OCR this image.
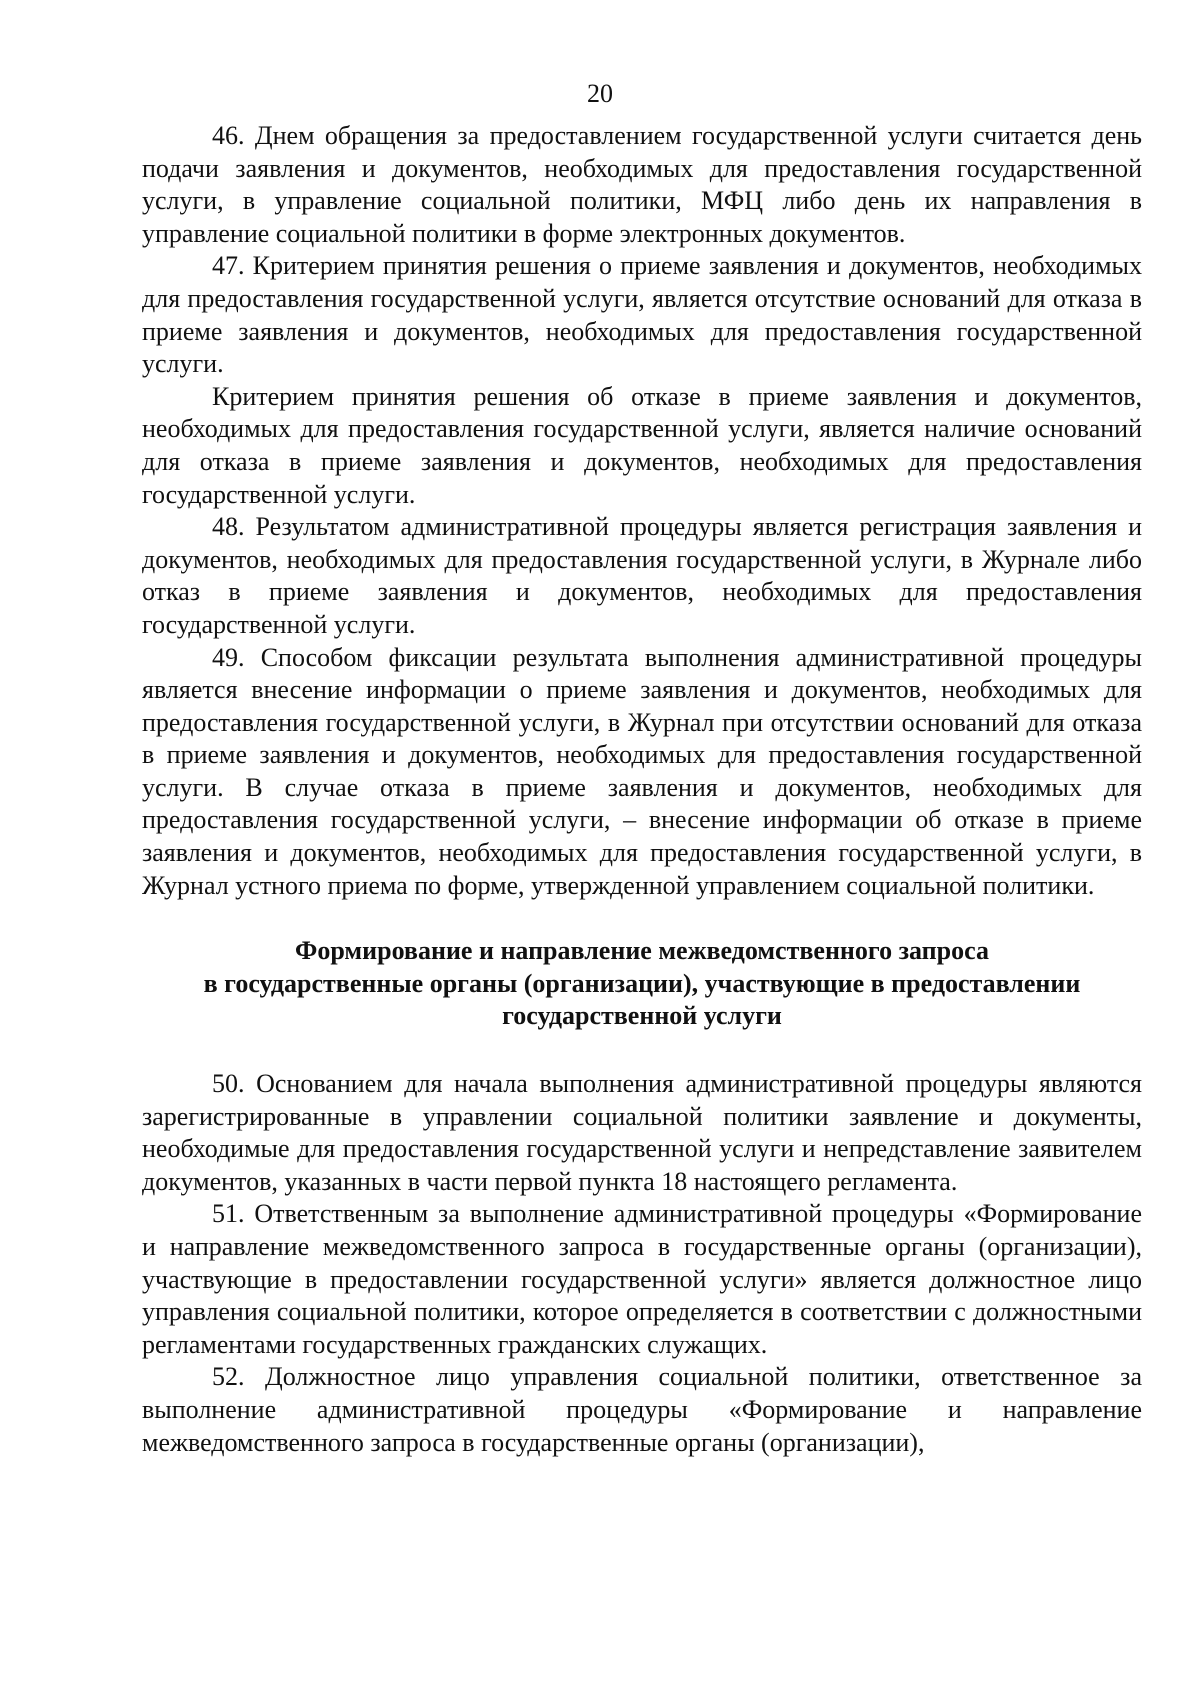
20

46. Днем обращения за предоставлением государственной услуги считается день подачи заявления и документов, необходимых для предоставления государственной услуги, в управление социальной политики, МФЦ либо день их направления в управление социальной политики в форме электронных документов.

47. Критерием принятия решения о приеме заявления и документов, необходимых для предоставления государственной услуги, является отсутствие оснований для отказа в приеме заявления и документов, необходимых для предоставления государственной услуги.

Критерием принятия решения об отказе в приеме заявления и документов, необходимых для предоставления государственной услуги, является наличие оснований для отказа в приеме заявления и документов, необходимых для предоставления государственной услуги.

48. Результатом административной процедуры является регистрация заявления и документов, необходимых для предоставления государственной услуги, в Журнале либо отказ в приеме заявления и документов, необходимых для предоставления государственной услуги.

49. Способом фиксации результата выполнения административной процедуры является внесение информации о приеме заявления и документов, необходимых для предоставления государственной услуги, в Журнал при отсутствии оснований для отказа в приеме заявления и документов, необходимых для предоставления государственной услуги. В случае отказа в приеме заявления и документов, необходимых для предоставления государственной услуги, – внесение информации об отказе в приеме заявления и документов, необходимых для предоставления государственной услуги, в Журнал устного приема по форме, утвержденной управлением социальной политики.

Формирование и направление межведомственного запроса
в государственные органы (организации), участвующие в предоставлении
государственной услуги

50. Основанием для начала выполнения административной процедуры являются зарегистрированные в управлении социальной политики заявление и документы, необходимые для предоставления государственной услуги и непредставление заявителем документов, указанных в части первой пункта 18 настоящего регламента.

51. Ответственным за выполнение административной процедуры «Формирование и направление межведомственного запроса в государственные органы (организации), участвующие в предоставлении государственной услуги» является должностное лицо управления социальной политики, которое определяется в соответствии с должностными регламентами государственных гражданских служащих.

52. Должностное лицо управления социальной политики, ответственное за выполнение административной процедуры «Формирование и направление межведомственного запроса в государственные органы (организации),
